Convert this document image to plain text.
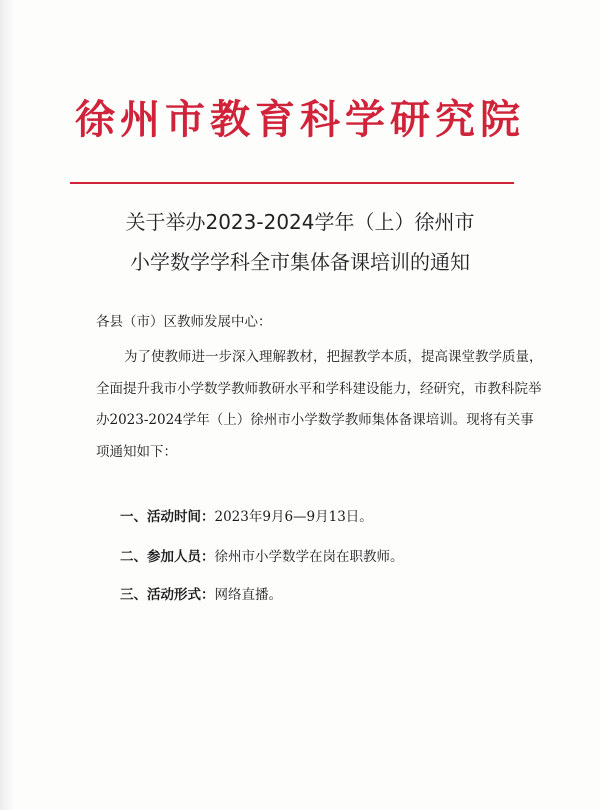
徐州市教育科学研究院
关于举办2023-2024学年（上）徐州市
小学数学学科全市集体备课培训的通知
各县（市）区教师发展中心：
为了使教师进一步深入理解教材，把握教学本质，提高课堂教学质量，全面提升我市小学数学教师教研水平和学科建设能力，经研究，市教科院举办2023-2024学年（上）徐州市小学数学教师集体备课培训。现将有关事项通知如下：
一、活动时间：2023年9月6—9月13日。
二、参加人员：徐州市小学数学在岗在职教师。
三、活动形式：网络直播。
